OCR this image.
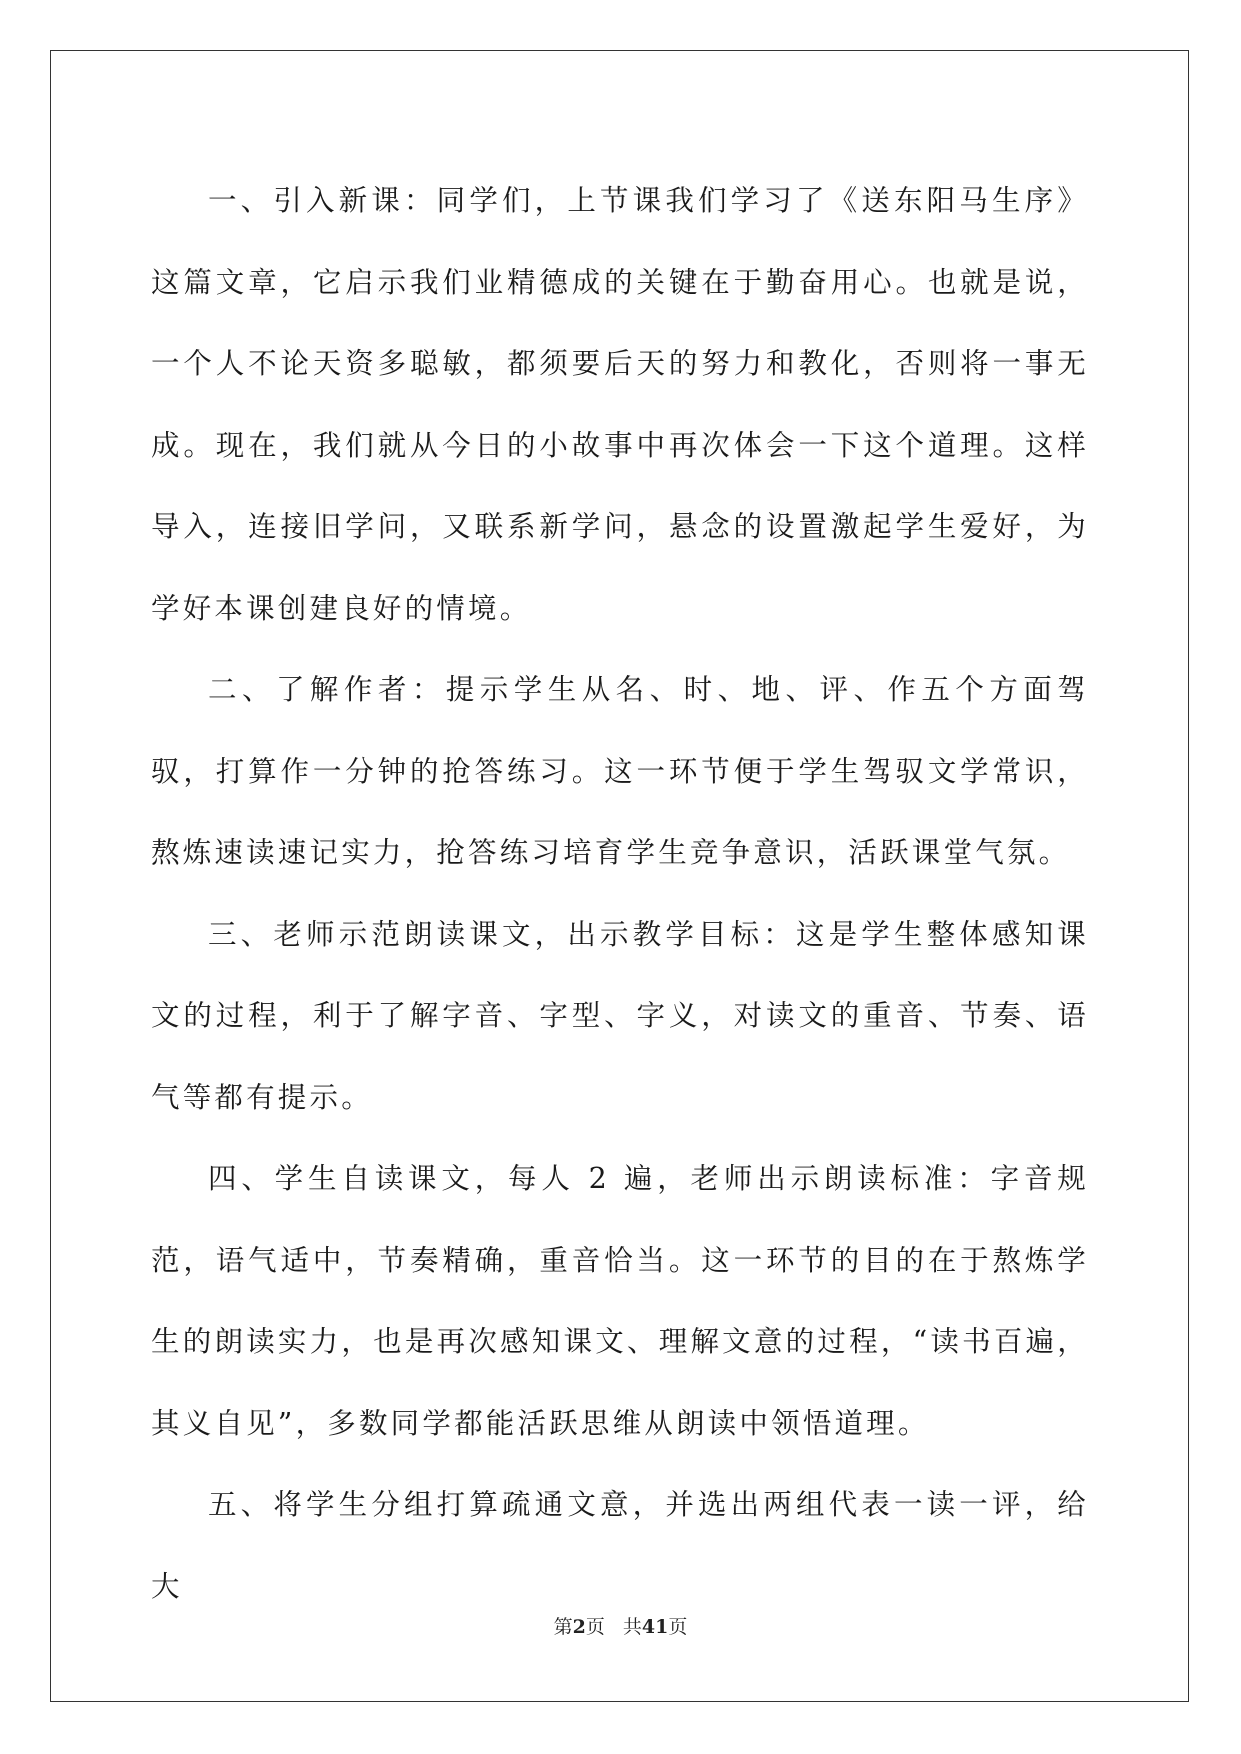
一、引入新课：同学们，上节课我们学习了《送东阳马生序》这篇文章，它启示我们业精德成的关键在于勤奋用心。也就是说，一个人不论天资多聪敏，都须要后天的努力和教化，否则将一事无成。现在，我们就从今日的小故事中再次体会一下这个道理。这样导入，连接旧学问，又联系新学问，悬念的设置激起学生爱好，为学好本课创建良好的情境。

二、了解作者：提示学生从名、时、地、评、作五个方面驾驭，打算作一分钟的抢答练习。这一环节便于学生驾驭文学常识，熬炼速读速记实力，抢答练习培育学生竞争意识，活跃课堂气氛。

三、老师示范朗读课文，出示教学目标：这是学生整体感知课文的过程，利于了解字音、字型、字义，对读文的重音、节奏、语气等都有提示。

四、学生自读课文，每人 2 遍，老师出示朗读标准：字音规范，语气适中，节奏精确，重音恰当。这一环节的目的在于熬炼学生的朗读实力，也是再次感知课文、理解文意的过程，“读书百遍，其义自见”，多数同学都能活跃思维从朗读中领悟道理。

五、将学生分组打算疏通文意，并选出两组代表一读一评，给大

第2页 共41页
